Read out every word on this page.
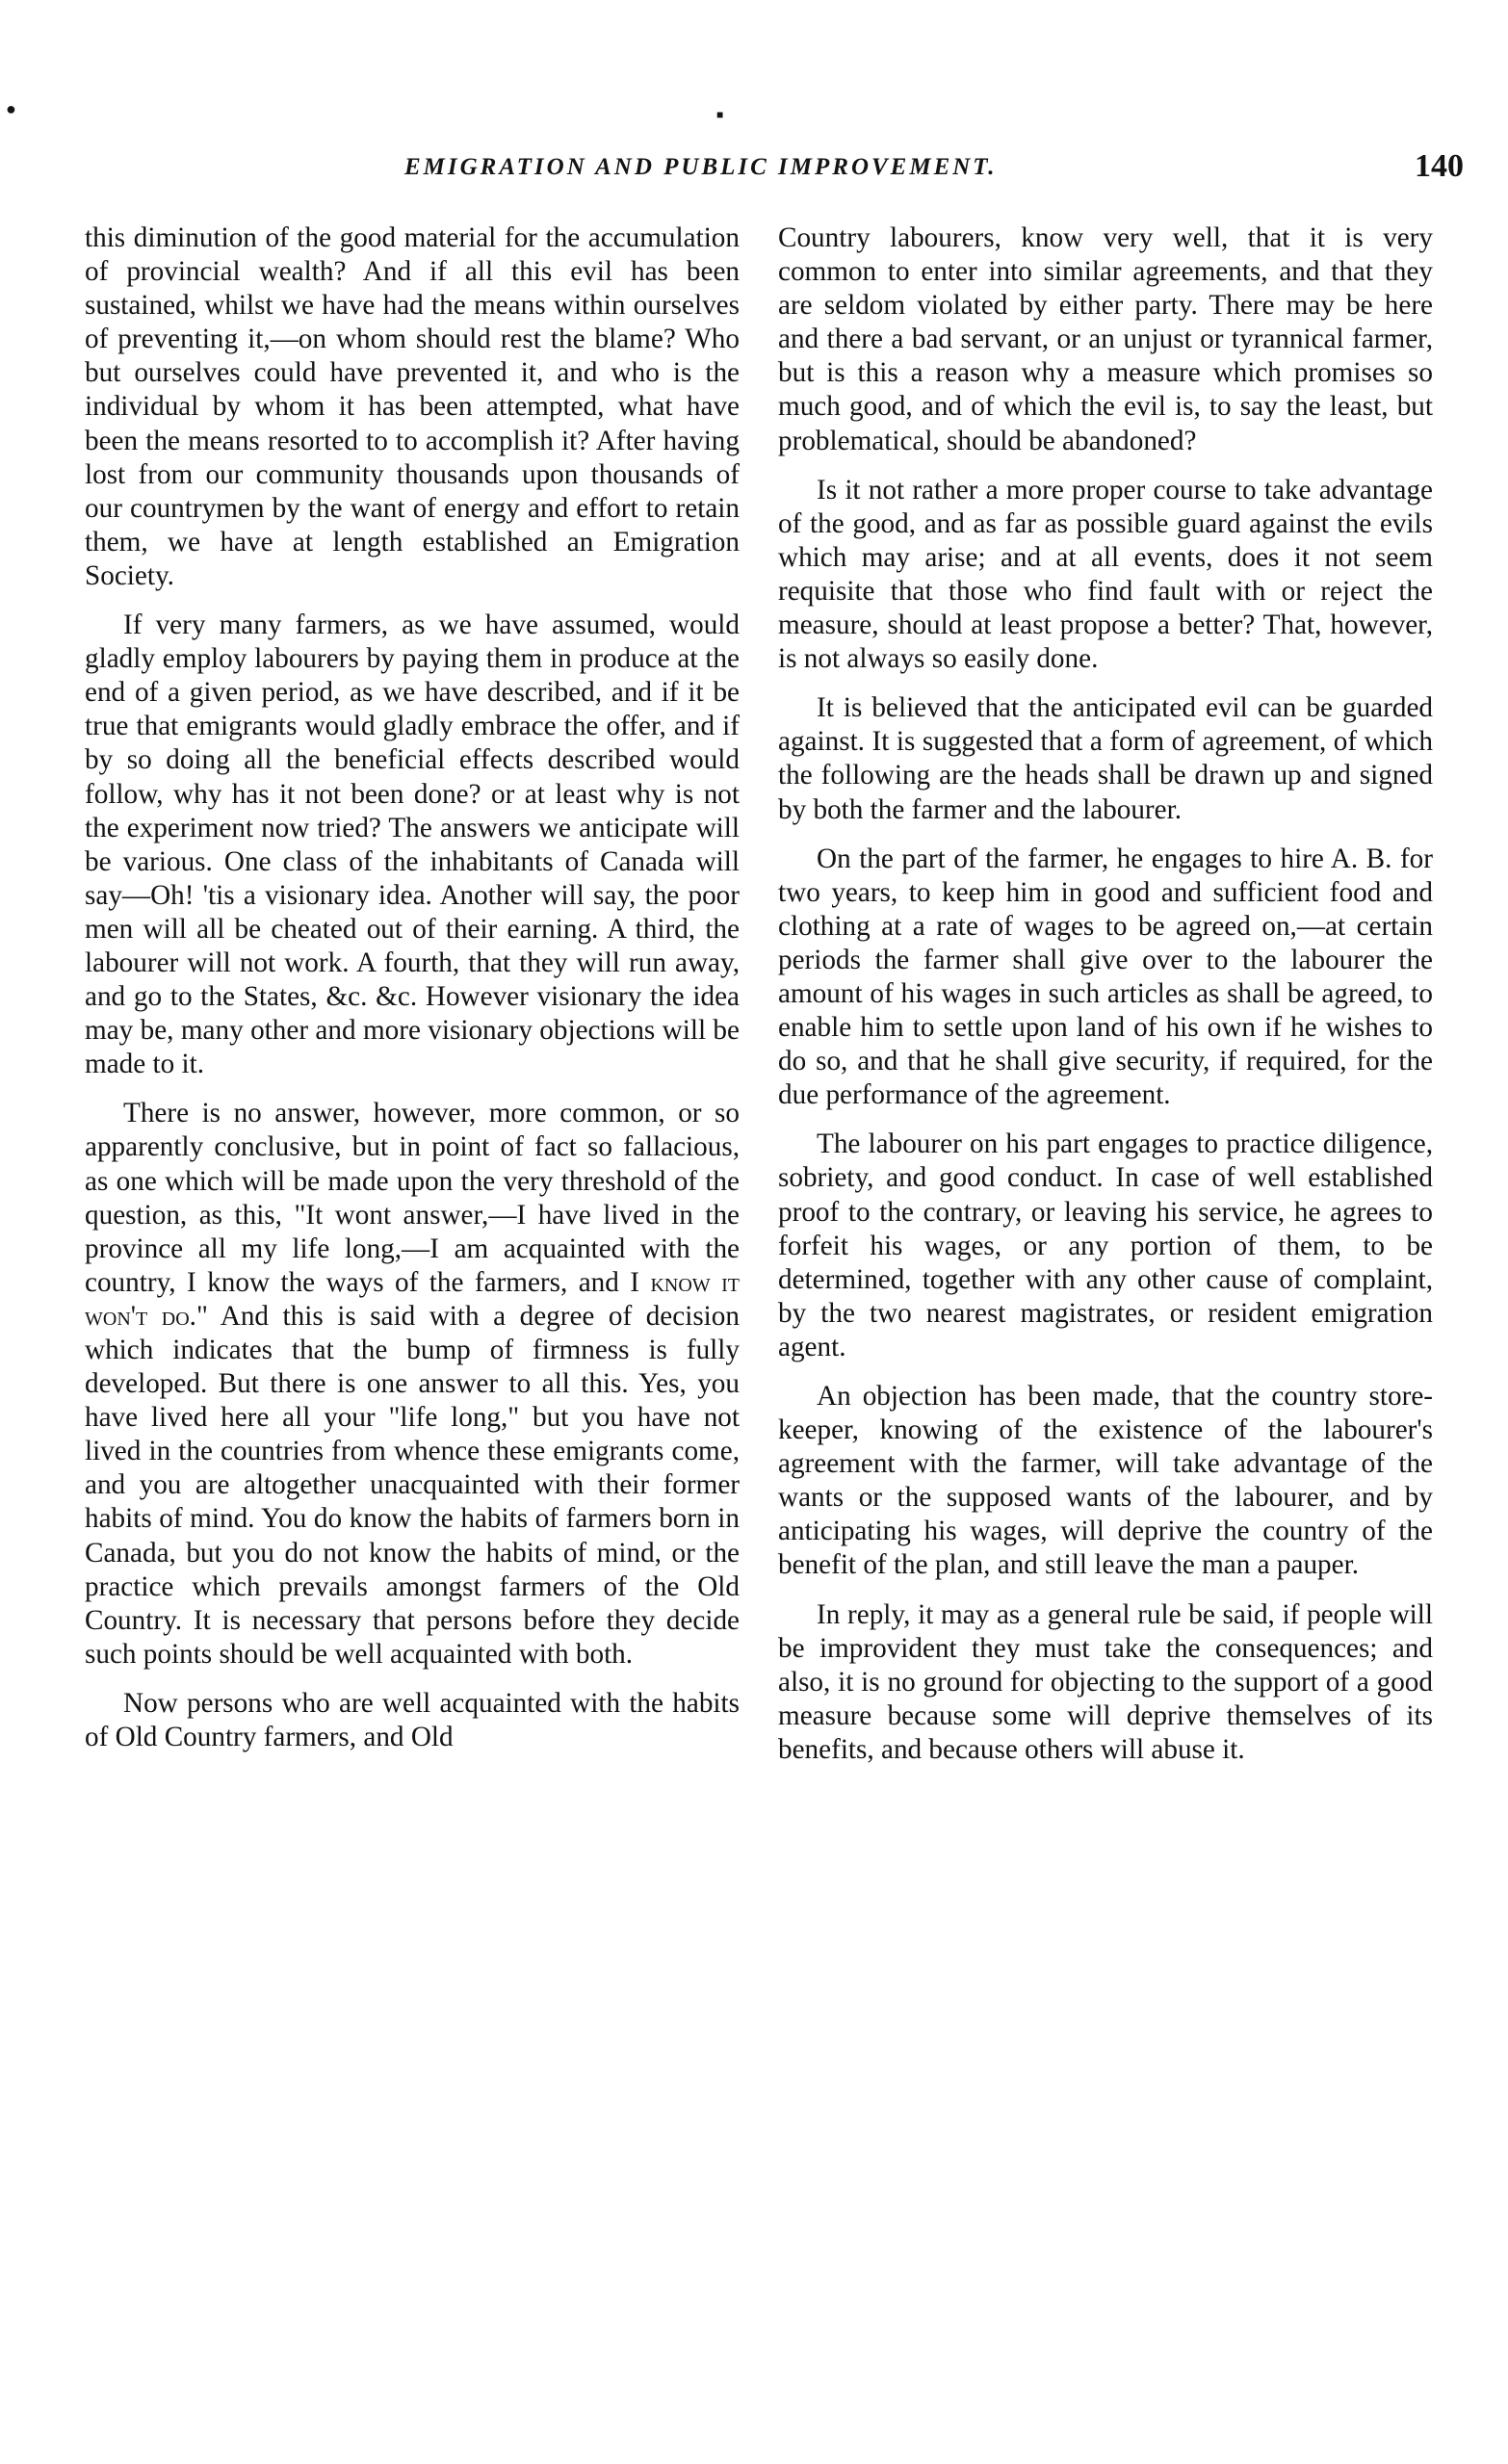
●	■
EMIGRATION AND PUBLIC IMPROVEMENT.	140

this diminution of the good material for the accumulation of provincial wealth? And if all this evil has been sustained, whilst we have had the means within ourselves of preventing it,—on whom should rest the blame? Who but ourselves could have prevented it, and who is the individual by whom it has been attempted, what have been the means resorted to to accomplish it? After having lost from our community thousands upon thousands of our countrymen by the want of energy and effort to retain them, we have at length established an Emigration Society.

If very many farmers, as we have assumed, would gladly employ labourers by paying them in produce at the end of a given period, as we have described, and if it be true that emigrants would gladly embrace the offer, and if by so doing all the beneficial effects described would follow, why has it not been done? or at least why is not the experiment now tried? The answers we anticipate will be various. One class of the inhabitants of Canada will say—Oh! 'tis a visionary idea. Another will say, the poor men will all be cheated out of their earning. A third, the labourer will not work. A fourth, that they will run away, and go to the States, &c. &c. However visionary the idea may be, many other and more visionary objections will be made to it.

There is no answer, however, more common, or so apparently conclusive, but in point of fact so fallacious, as one which will be made upon the very threshold of the question, as this, "It wont answer,—I have lived in the province all my life long,—I am acquainted with the country, I know the ways of the farmers, and I know it won't do." And this is said with a degree of decision which indicates that the bump of firmness is fully developed. But there is one answer to all this. Yes, you have lived here all your "life long," but you have not lived in the countries from whence these emigrants come, and you are altogether unacquainted with their former habits of mind. You do know the habits of farmers born in Canada, but you do not know the habits of mind, or the practice which prevails amongst farmers of the Old Country. It is necessary that persons before they decide such points should be well acquainted with both.

Now persons who are well acquainted with the habits of Old Country farmers, and Old

Country labourers, know very well, that it is very common to enter into similar agreements, and that they are seldom violated by either party. There may be here and there a bad servant, or an unjust or tyrannical farmer, but is this a reason why a measure which promises so much good, and of which the evil is, to say the least, but problematical, should be abandoned?

Is it not rather a more proper course to take advantage of the good, and as far as possible guard against the evils which may arise; and at all events, does it not seem requisite that those who find fault with or reject the measure, should at least propose a better? That, however, is not always so easily done.

It is believed that the anticipated evil can be guarded against. It is suggested that a form of agreement, of which the following are the heads shall be drawn up and signed by both the farmer and the labourer.

On the part of the farmer, he engages to hire A. B. for two years, to keep him in good and sufficient food and clothing at a rate of wages to be agreed on,—at certain periods the farmer shall give over to the labourer the amount of his wages in such articles as shall be agreed, to enable him to settle upon land of his own if he wishes to do so, and that he shall give security, if required, for the due performance of the agreement.

The labourer on his part engages to practice diligence, sobriety, and good conduct. In case of well established proof to the contrary, or leaving his service, he agrees to forfeit his wages, or any portion of them, to be determined, together with any other cause of complaint, by the two nearest magistrates, or resident emigration agent.

An objection has been made, that the country store-keeper, knowing of the existence of the labourer's agreement with the farmer, will take advantage of the wants or the supposed wants of the labourer, and by anticipating his wages, will deprive the country of the benefit of the plan, and still leave the man a pauper.

In reply, it may as a general rule be said, if people will be improvident they must take the consequences; and also, it is no ground for objecting to the support of a good measure because some will deprive themselves of its benefits, and because others will abuse it.
